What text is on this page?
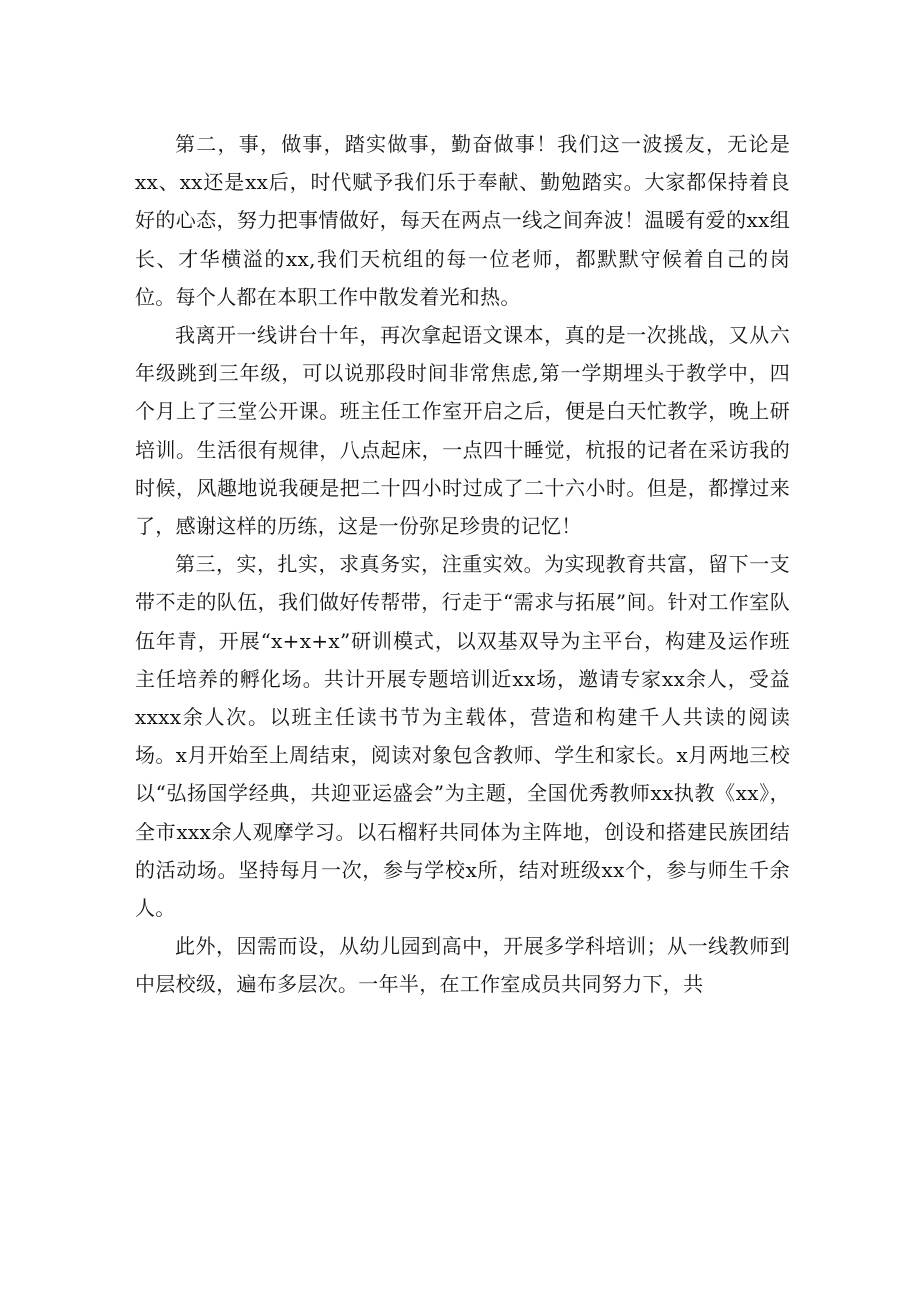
第二，事，做事，踏实做事，勤奋做事！我们这一波援友，无论是xx、xx还是xx后，时代赋予我们乐于奉献、勤勉踏实。大家都保持着良好的心态，努力把事情做好，每天在两点一线之间奔波！温暖有爱的xx组长、才华横溢的xx,我们天杭组的每一位老师，都默默守候着自己的岗位。每个人都在本职工作中散发着光和热。

我离开一线讲台十年，再次拿起语文课本，真的是一次挑战，又从六年级跳到三年级，可以说那段时间非常焦虑,第一学期埋头于教学中，四个月上了三堂公开课。班主任工作室开启之后，便是白天忙教学，晚上研培训。生活很有规律，八点起床，一点四十睡觉，杭报的记者在采访我的时候，风趣地说我硬是把二十四小时过成了二十六小时。但是，都撑过来了，感谢这样的历练，这是一份弥足珍贵的记忆！

第三，实，扎实，求真务实，注重实效。为实现教育共富，留下一支带不走的队伍，我们做好传帮带，行走于“需求与拓展”间。针对工作室队伍年青，开展“x+x+x”研训模式，以双基双导为主平台，构建及运作班主任培养的孵化场。共计开展专题培训近xx场，邀请专家xx余人，受益xxxx余人次。以班主任读书节为主载体，营造和构建千人共读的阅读场。x月开始至上周结束，阅读对象包含教师、学生和家长。x月两地三校以“弘扬国学经典，共迎亚运盛会”为主题，全国优秀教师xx执教《xx》，全市xxx余人观摩学习。以石榴籽共同体为主阵地，创设和搭建民族团结的活动场。坚持每月一次，参与学校x所，结对班级xx个，参与师生千余人。

此外，因需而设，从幼儿园到高中，开展多学科培训；从一线教师到中层校级，遍布多层次。一年半，在工作室成员共同努力下，共
